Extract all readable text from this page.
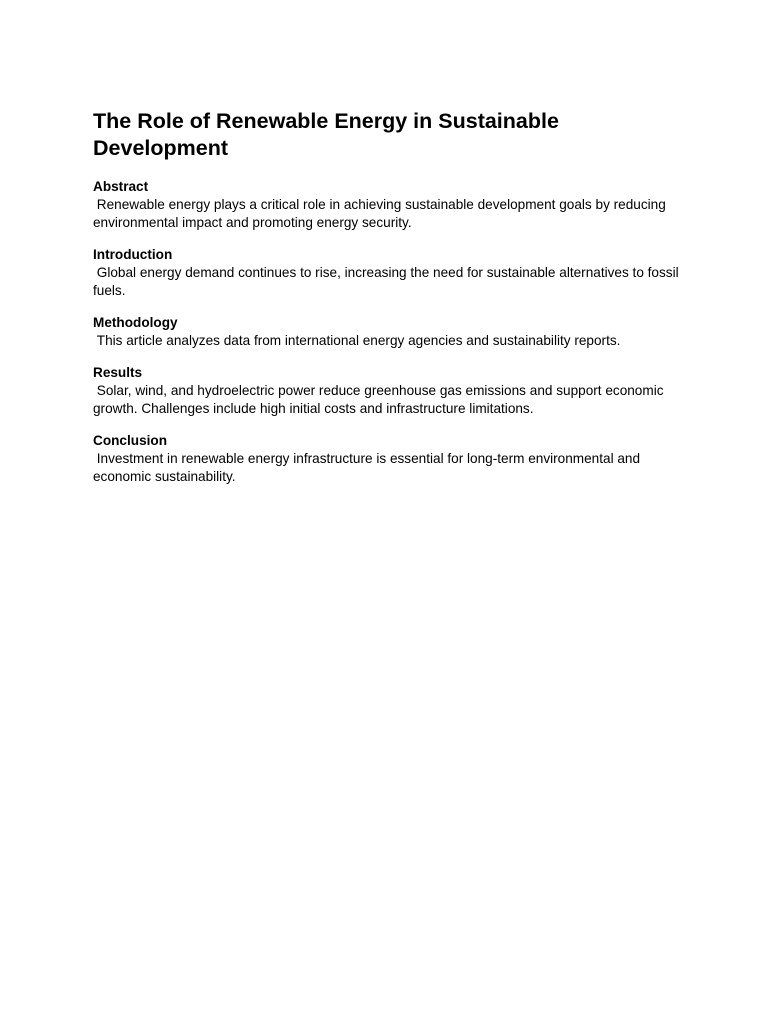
The Role of Renewable Energy in Sustainable Development
Abstract
Renewable energy plays a critical role in achieving sustainable development goals by reducing environmental impact and promoting energy security.
Introduction
Global energy demand continues to rise, increasing the need for sustainable alternatives to fossil fuels.
Methodology
This article analyzes data from international energy agencies and sustainability reports.
Results
Solar, wind, and hydroelectric power reduce greenhouse gas emissions and support economic growth. Challenges include high initial costs and infrastructure limitations.
Conclusion
Investment in renewable energy infrastructure is essential for long-term environmental and economic sustainability.
